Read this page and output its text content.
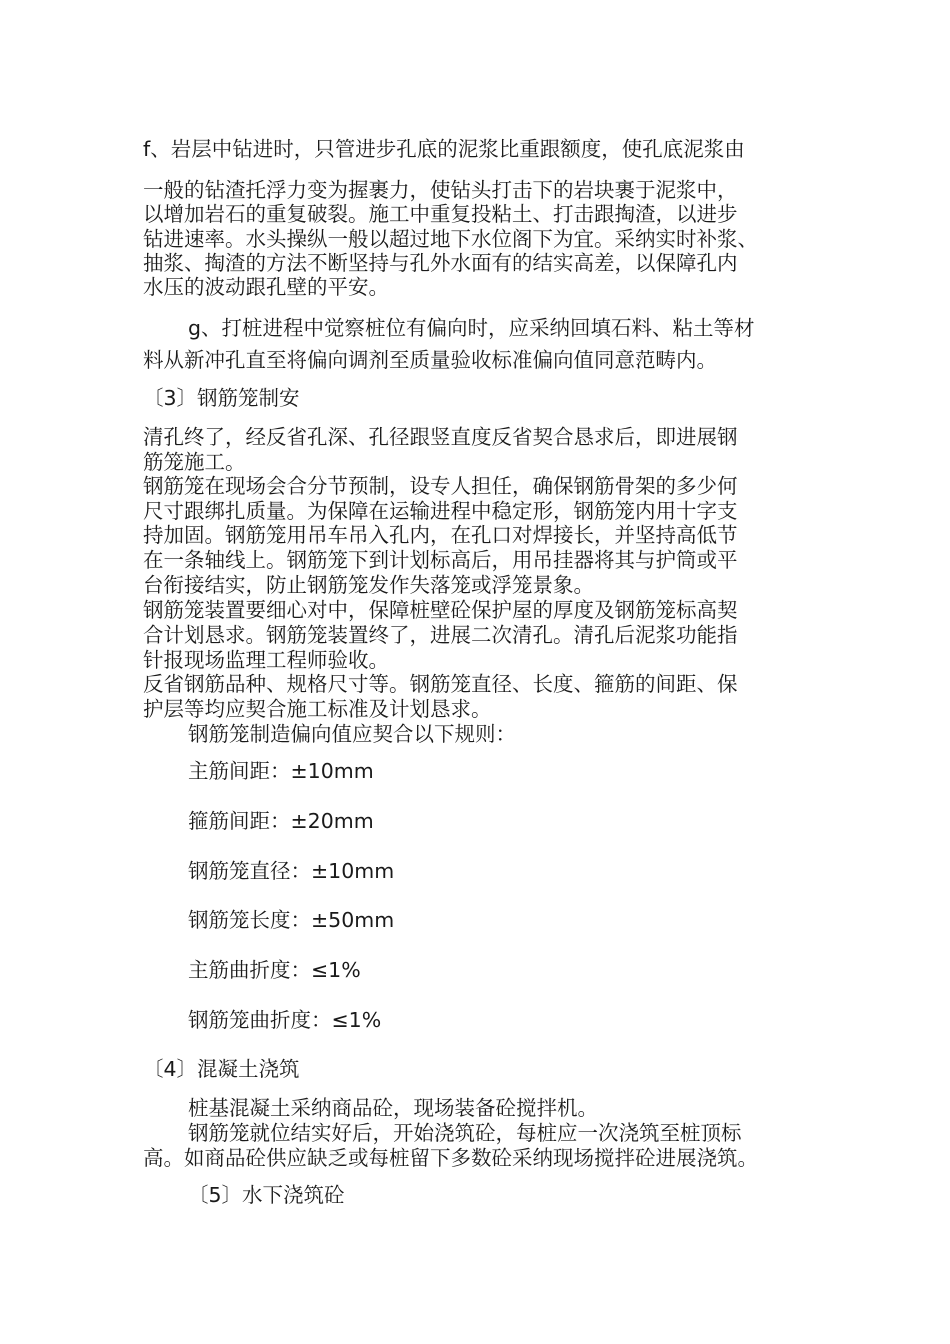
f、岩层中钻进时，只管进步孔底的泥浆比重跟额度，使孔底泥浆由
一般的钻渣托浮力变为握裹力，使钻头打击下的岩块裹于泥浆中，
以增加岩石的重复破裂。施工中重复投粘土、打击跟掏渣，以进步
钻进速率。水头操纵一般以超过地下水位阁下为宜。采纳实时补浆、
抽浆、掏渣的方法不断坚持与孔外水面有的结实高差，以保障孔内
水压的波动跟孔壁的平安。
g、打桩进程中觉察桩位有偏向时，应采纳回填石料、粘土等材
料从新冲孔直至将偏向调剂至质量验收标准偏向值同意范畴内。
〔3〕钢筋笼制安
清孔终了，经反省孔深、孔径跟竖直度反省契合恳求后，即进展钢
筋笼施工。
钢筋笼在现场会合分节预制，设专人担任，确保钢筋骨架的多少何
尺寸跟绑扎质量。为保障在运输进程中稳定形，钢筋笼内用十字支
持加固。钢筋笼用吊车吊入孔内，在孔口对焊接长，并坚持高低节
在一条轴线上。钢筋笼下到计划标高后，用吊挂器将其与护筒或平
台衔接结实，防止钢筋笼发作失落笼或浮笼景象。
钢筋笼装置要细心对中，保障桩壁砼保护屋的厚度及钢筋笼标高契
合计划恳求。钢筋笼装置终了，进展二次清孔。清孔后泥浆功能指
针报现场监理工程师验收。
反省钢筋品种、规格尺寸等。钢筋笼直径、长度、箍筋的间距、保
护层等均应契合施工标准及计划恳求。
钢筋笼制造偏向值应契合以下规则：
主筋间距：±10mm
箍筋间距：±20mm
钢筋笼直径：±10mm
钢筋笼长度：±50mm
主筋曲折度：≤1%
钢筋笼曲折度：≤1%
〔4〕混凝土浇筑
桩基混凝土采纳商品砼，现场装备砼搅拌机。
钢筋笼就位结实好后，开始浇筑砼，每桩应一次浇筑至桩顶标
高。如商品砼供应缺乏或每桩留下多数砼采纳现场搅拌砼进展浇筑。
〔5〕水下浇筑砼
